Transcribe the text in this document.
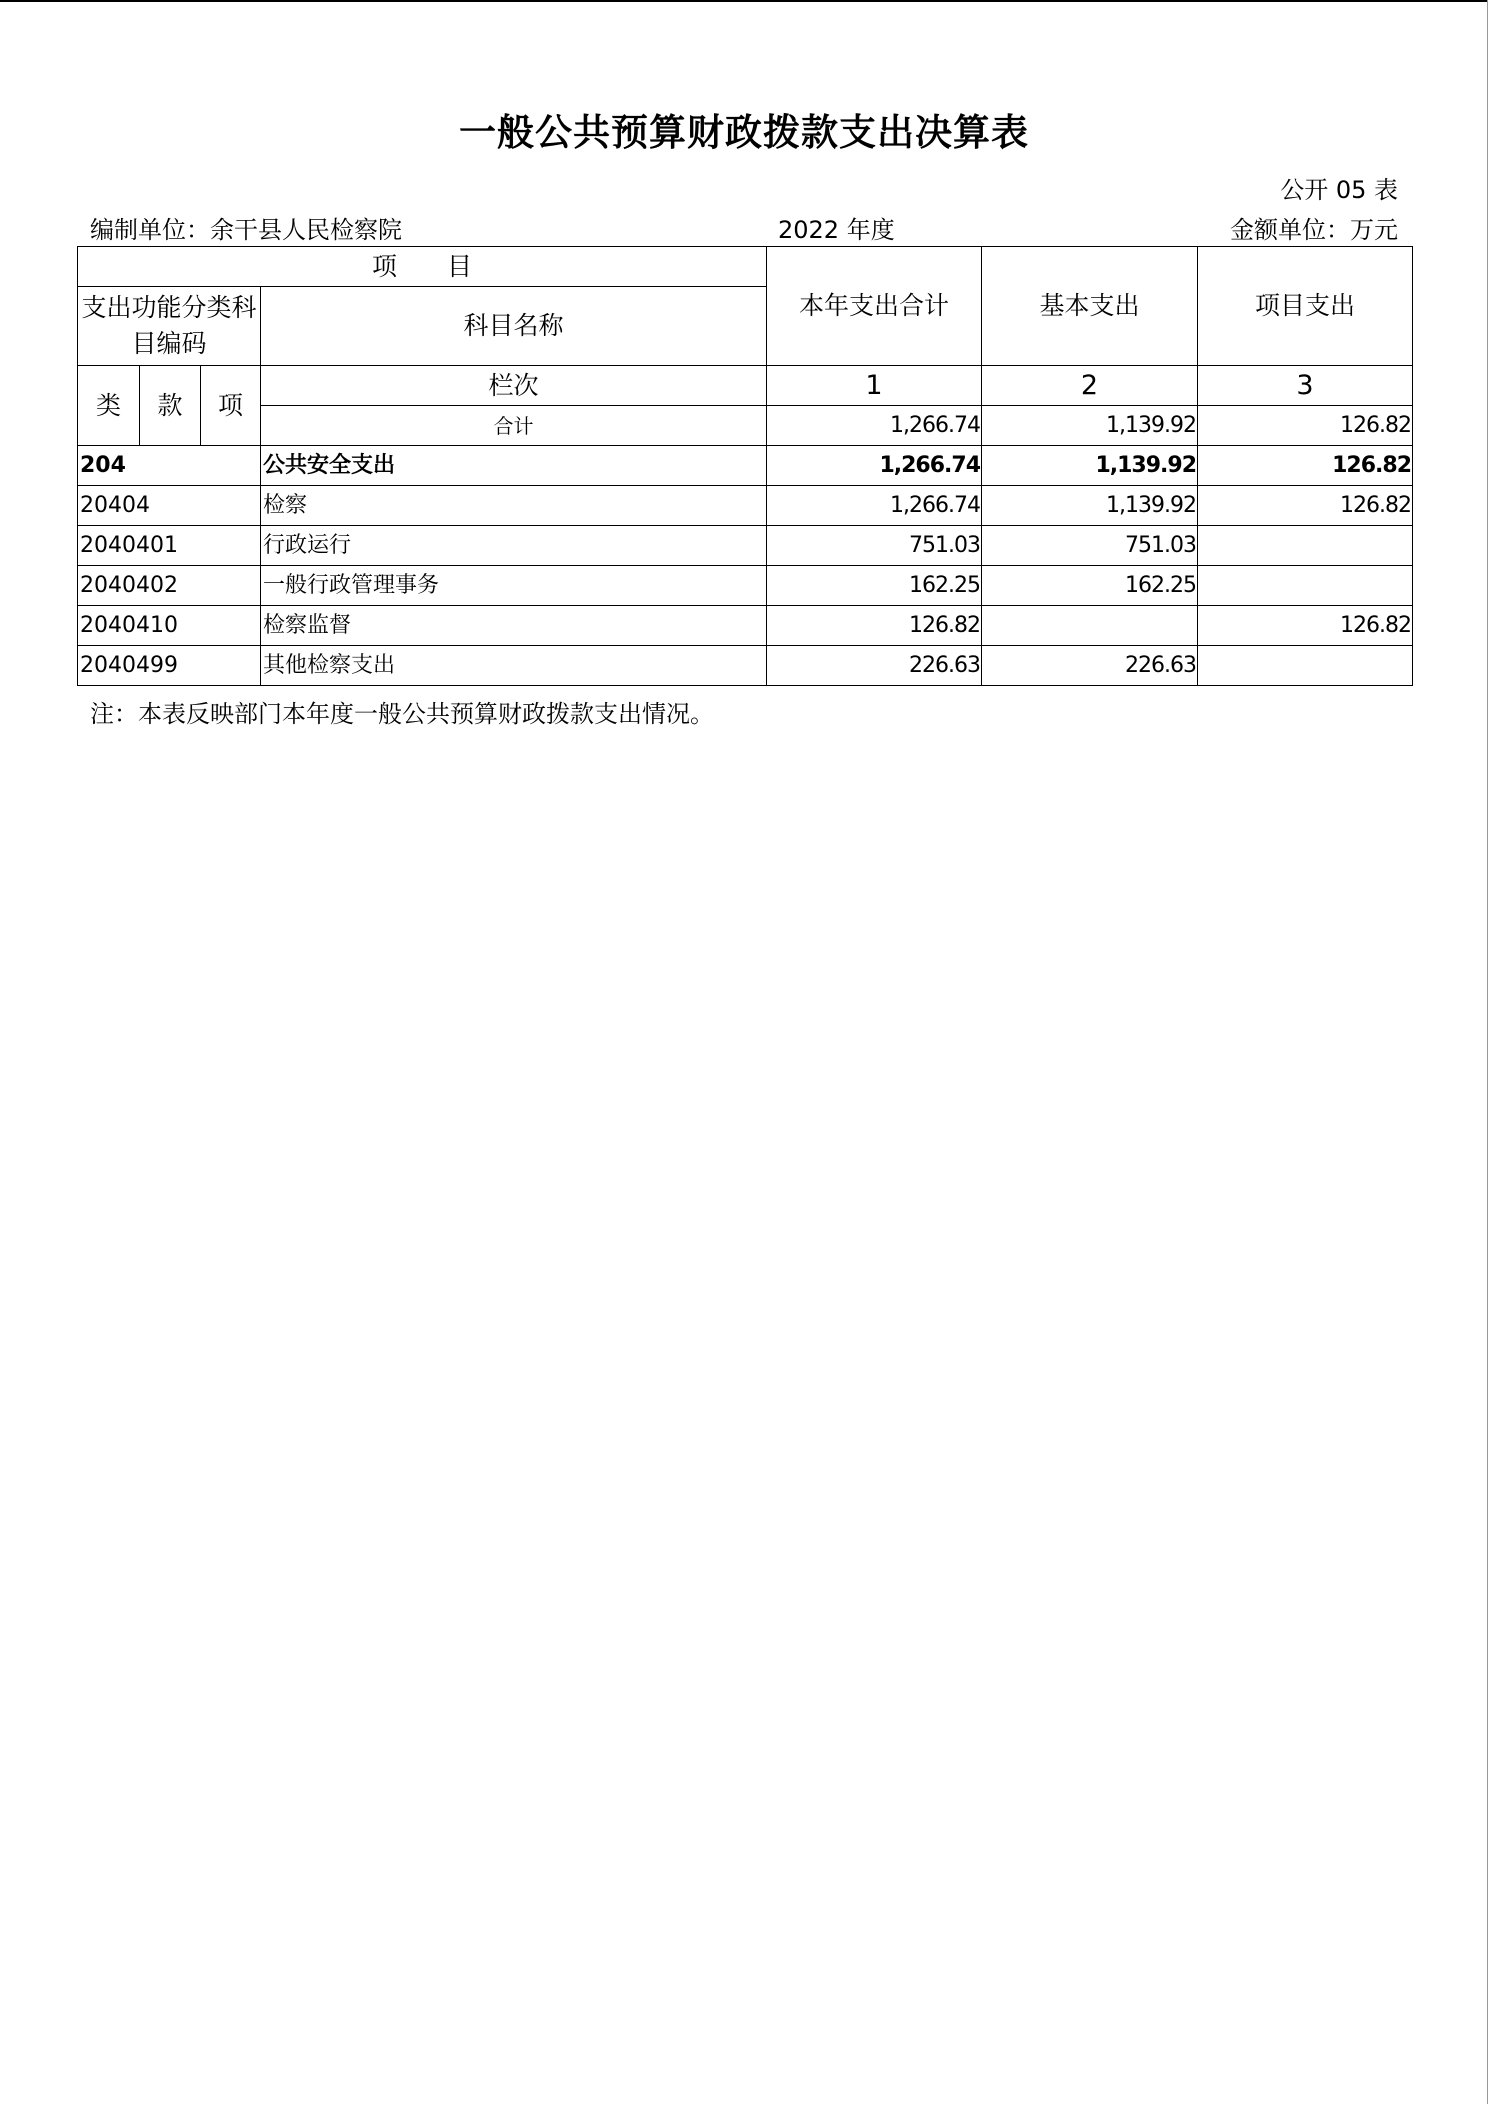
一般公共预算财政拨款支出决算表
公开 05 表
编制单位：余干县人民检察院	2022 年度	金额单位：万元
项　　目				本年支出合计	基本支出	项目支出
支出功能分类科目编码			科目名称			
类	款	项	栏次	1	2	3
			合计	1,266.74	1,139.92	126.82
204			公共安全支出	1,266.74	1,139.92	126.82
20404			检察	1,266.74	1,139.92	126.82
2040401			行政运行	751.03	751.03	
2040402			一般行政管理事务	162.25	162.25	
2040410			检察监督	126.82		126.82
2040499			其他检察支出	226.63	226.63	
注：本表反映部门本年度一般公共预算财政拨款支出情况。
